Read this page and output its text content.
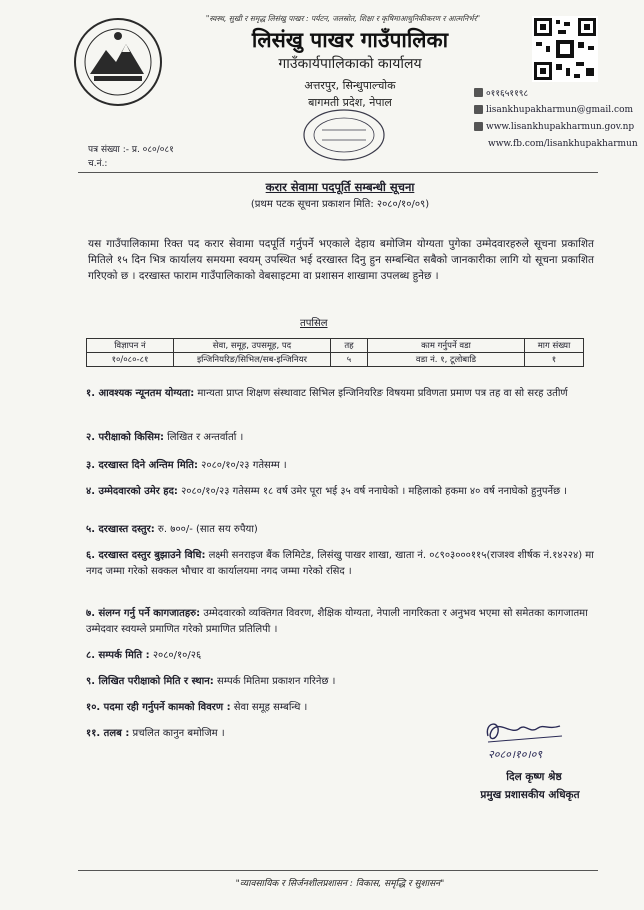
"स्वस्थ, सुखी र समृद्ध लिसंखु पाखर : पर्यटन, जलस्रोत, शिक्षा र कृषिमाआधुनिकीकरण र आत्मनिर्भर"
लिसंखु पाखर गाउँपालिका
गाउँकार्यपालिकाको कार्यालय
अत्तरपुर, सिन्धुपाल्चोक
बागमती प्रदेश, नेपाल
०११६५११९८
lisankhupakharmun@gmail.com
www.lisankhupakharmun.gov.np
www.fb.com/lisankhupakharmun
पत्र संख्या :- प्र. ०८०/०८१
च.नं.:
करार सेवामा पदपूर्ति सम्बन्धी सूचना
(प्रथम पटक सूचना प्रकाशन मिति: २०८०/१०/०९)
यस गाउँपालिकामा रिक्त पद करार सेवामा पदपूर्ति गर्नुपर्ने भएकाले देहाय बमोजिम योग्यता पुगेका उम्मेदवारहरुले सूचना प्रकाशित मितिले १५ दिन भित्र कार्यालय समयमा स्वयम् उपस्थित भई दरखास्त दिनु हुन सम्बन्धित सबैको जानकारीका लागि यो सूचना प्रकाशित गरिएको छ । दरखास्त फाराम गाउँपालिकाको वेबसाइटमा वा प्रशासन शाखामा उपलब्ध हुनेछ ।
तपसिल
विज्ञापन नं	सेवा, समूह, उपसमूह, पद	तह	काम गर्नुपर्ने वडा	माग संख्या
१०/०८०-८१	इन्जिनियरिङ/सिभिल/सब-इन्जिनियर	५	वडा नं. १, टूलोबाडि	१
१. आवश्यक न्यूनतम योग्यता: मान्यता प्राप्त शिक्षण संस्थावाट सिभिल इन्जिनियरिङ विषयमा प्रविणता प्रमाण पत्र तह वा सो सरह उतीर्ण
२. परीक्षाको किसिम: लिखित र अन्तर्वार्ता ।
३. दरखास्त दिने अन्तिम मिति: २०८०/१०/२३ गतेसम्म ।
४. उम्मेदवारको उमेर हद: २०८०/१०/२३ गतेसम्म १८ वर्ष उमेर पूरा भई ३५ वर्ष ननाघेको । महिलाको हकमा ४० वर्ष ननाघेको हुनुपर्नेछ ।
५. दरखास्त दस्तुर: रु. ७००/- (सात सय रुपैया)
६. दरखास्त दस्तुर बुझाउने विधि: लक्ष्मी सनराइज बैंक लिमिटेड, लिसंखु पाखर शाखा, खाता नं. ०८९०३०००११५(राजश्व शीर्षक नं.१४२२४) मा नगद जम्मा गरेको सक्कल भौचार वा कार्यालयमा नगद जम्मा गरेको रसिद ।
७. संलग्न गर्नु पर्ने कागजातहरु: उम्मेदवारको व्यक्तिगत विवरण, शैक्षिक योग्यता, नेपाली नागरिकता र अनुभव भएमा सो समेतका कागजातमा उम्मेदवार स्वयम्ले प्रमाणित गरेको प्रमाणित प्रतिलिपी ।
८. सम्पर्क मिति : २०८०/१०/२६
९. लिखित परीक्षाको मिति र स्थान: सम्पर्क मितिमा प्रकाशन गरिनेछ ।
१०. पदमा रही गर्नुपर्ने कामको विवरण : सेवा समूह सम्बन्धि ।
११. तलब : प्रचलित कानुन बमोजिम ।
२०८०।१०।०९
दिल कृष्ण श्रेष्ठ
प्रमुख प्रशासकीय अधिकृत
"व्यावसायिक र सिर्जनशीलप्रशासन : विकास, समृद्धि र सुशासन"
